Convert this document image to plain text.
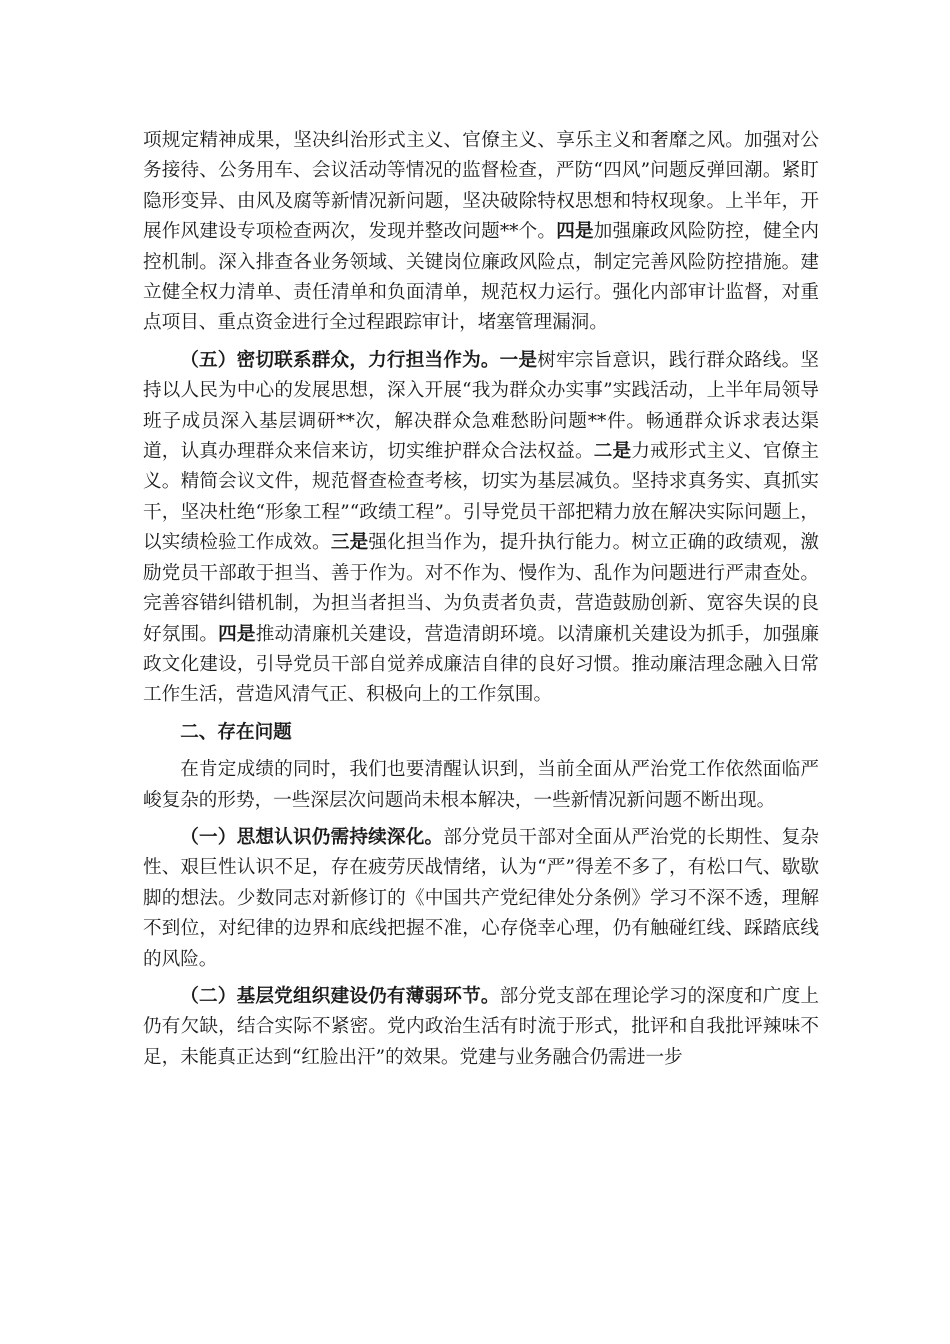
项规定精神成果，坚决纠治形式主义、官僚主义、享乐主义和奢靡之风。加强对公务接待、公务用车、会议活动等情况的监督检查，严防“四风”问题反弹回潮。紧盯隐形变异、由风及腐等新情况新问题，坚决破除特权思想和特权现象。上半年，开展作风建设专项检查两次，发现并整改问题**个。四是加强廉政风险防控，健全内控机制。深入排查各业务领域、关键岗位廉政风险点，制定完善风险防控措施。建立健全权力清单、责任清单和负面清单，规范权力运行。强化内部审计监督，对重点项目、重点资金进行全过程跟踪审计，堵塞管理漏洞。

（五）密切联系群众，力行担当作为。一是树牢宗旨意识，践行群众路线。坚持以人民为中心的发展思想，深入开展“我为群众办实事”实践活动，上半年局领导班子成员深入基层调研**次，解决群众急难愁盼问题**件。畅通群众诉求表达渠道，认真办理群众来信来访，切实维护群众合法权益。二是力戒形式主义、官僚主义。精简会议文件，规范督查检查考核，切实为基层减负。坚持求真务实、真抓实干，坚决杜绝“形象工程”“政绩工程”。引导党员干部把精力放在解决实际问题上，以实绩检验工作成效。三是强化担当作为，提升执行能力。树立正确的政绩观，激励党员干部敢于担当、善于作为。对不作为、慢作为、乱作为问题进行严肃查处。完善容错纠错机制，为担当者担当、为负责者负责，营造鼓励创新、宽容失误的良好氛围。四是推动清廉机关建设，营造清朗环境。以清廉机关建设为抓手，加强廉政文化建设，引导党员干部自觉养成廉洁自律的良好习惯。推动廉洁理念融入日常工作生活，营造风清气正、积极向上的工作氛围。

二、存在问题

在肯定成绩的同时，我们也要清醒认识到，当前全面从严治党工作依然面临严峻复杂的形势，一些深层次问题尚未根本解决，一些新情况新问题不断出现。

（一）思想认识仍需持续深化。部分党员干部对全面从严治党的长期性、复杂性、艰巨性认识不足，存在疲劳厌战情绪，认为“严”得差不多了，有松口气、歇歇脚的想法。少数同志对新修订的《中国共产党纪律处分条例》学习不深不透，理解不到位，对纪律的边界和底线把握不准，心存侥幸心理，仍有触碰红线、踩踏底线的风险。

（二）基层党组织建设仍有薄弱环节。部分党支部在理论学习的深度和广度上仍有欠缺，结合实际不紧密。党内政治生活有时流于形式，批评和自我批评辣味不足，未能真正达到“红脸出汗”的效果。党建与业务融合仍需进一步
